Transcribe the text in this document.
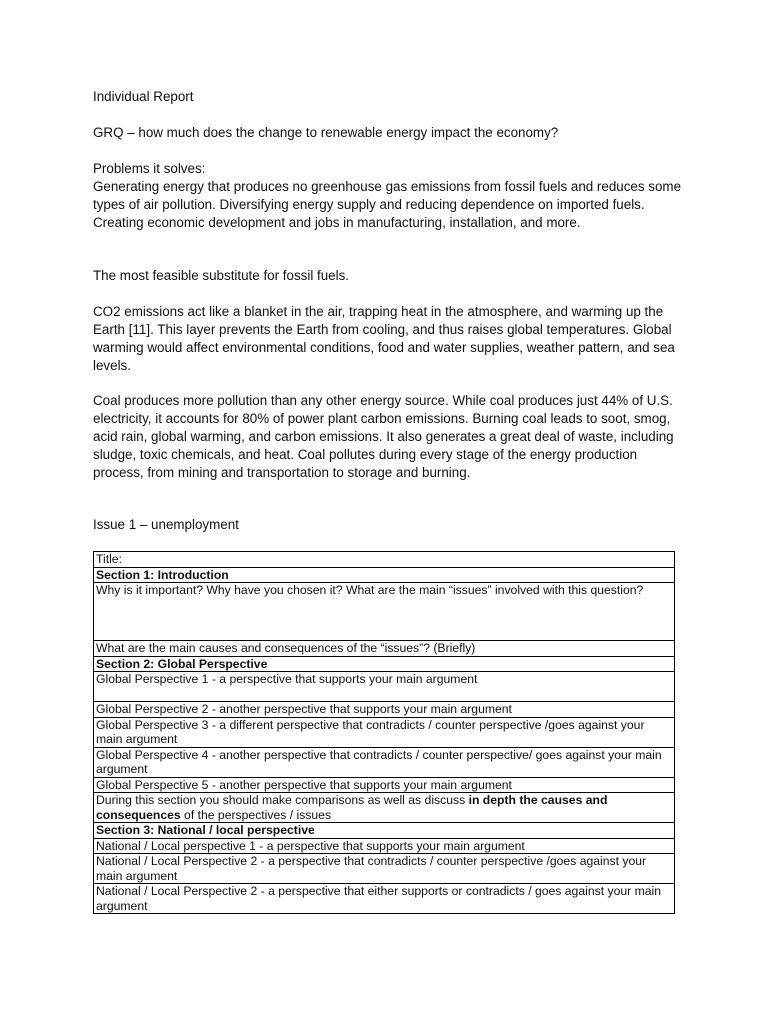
Individual Report

GRQ – how much does the change to renewable energy impact the economy?

Problems it solves:

Generating energy that produces no greenhouse gas emissions from fossil fuels and reduces some types of air pollution. Diversifying energy supply and reducing dependence on imported fuels. Creating economic development and jobs in manufacturing, installation, and more.

The most feasible substitute for fossil fuels.

CO2 emissions act like a blanket in the air, trapping heat in the atmosphere, and warming up the Earth [11]. This layer prevents the Earth from cooling, and thus raises global temperatures. Global warming would affect environmental conditions, food and water supplies, weather pattern, and sea levels.

Coal produces more pollution than any other energy source. While coal produces just 44% of U.S. electricity, it accounts for 80% of power plant carbon emissions. Burning coal leads to soot, smog, acid rain, global warming, and carbon emissions. It also generates a great deal of waste, including sludge, toxic chemicals, and heat. Coal pollutes during every stage of the energy production process, from mining and transportation to storage and burning.

Issue 1 – unemployment

Title:
Section 1: Introduction
Why is it important? Why have you chosen it? What are the main “issues” involved with this question?
What are the main causes and consequences of the “issues”? (Briefly)
Section 2: Global Perspective
Global Perspective 1 - a perspective that supports your main argument
Global Perspective 2 - another perspective that supports your main argument
Global Perspective 3 - a different perspective that contradicts / counter perspective /goes against your main argument
Global Perspective 4 - another perspective that contradicts / counter perspective/ goes against your main argument
Global Perspective 5 - another perspective that supports your main argument
During this section you should make comparisons as well as discuss in depth the causes and consequences of the perspectives / issues
Section 3: National / local perspective
National / Local perspective 1 - a perspective that supports your main argument
National / Local Perspective 2 - a perspective that contradicts / counter perspective /goes against your main argument
National / Local Perspective 2 - a perspective that either supports or contradicts / goes against your main argument
